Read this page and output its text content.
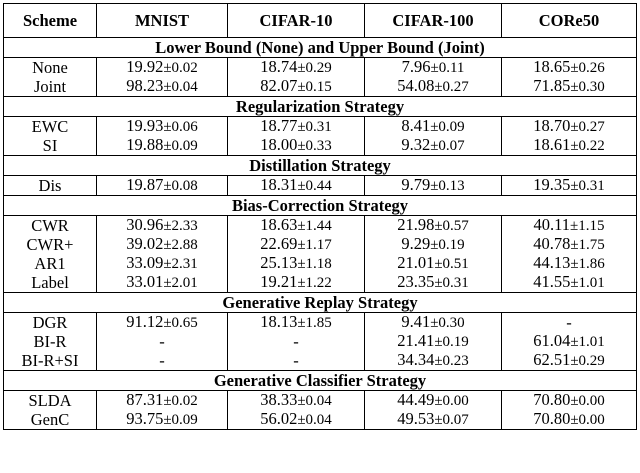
Scheme	MNIST	CIFAR-10	CIFAR-100	CORe50
Lower Bound (None) and Upper Bound (Joint)				
None	19.92±0.02	18.74±0.29	7.96±0.11	18.65±0.26
Joint	98.23±0.04	82.07±0.15	54.08±0.27	71.85±0.30
Regularization Strategy				
EWC	19.93±0.06	18.77±0.31	8.41±0.09	18.70±0.27
SI	19.88±0.09	18.00±0.33	9.32±0.07	18.61±0.22
Distillation Strategy				
Dis	19.87±0.08	18.31±0.44	9.79±0.13	19.35±0.31
Bias-Correction Strategy				
CWR	30.96±2.33	18.63±1.44	21.98±0.57	40.11±1.15
CWR+	39.02±2.88	22.69±1.17	9.29±0.19	40.78±1.75
AR1	33.09±2.31	25.13±1.18	21.01±0.51	44.13±1.86
Label	33.01±2.01	19.21±1.22	23.35±0.31	41.55±1.01
Generative Replay Strategy				
DGR	91.12±0.65	18.13±1.85	9.41±0.30	-
BI-R	-	-	21.41±0.19	61.04±1.01
BI-R+SI	-	-	34.34±0.23	62.51±0.29
Generative Classifier Strategy				
SLDA	87.31±0.02	38.33±0.04	44.49±0.00	70.80±0.00
GenC	93.75±0.09	56.02±0.04	49.53±0.07	70.80±0.00
